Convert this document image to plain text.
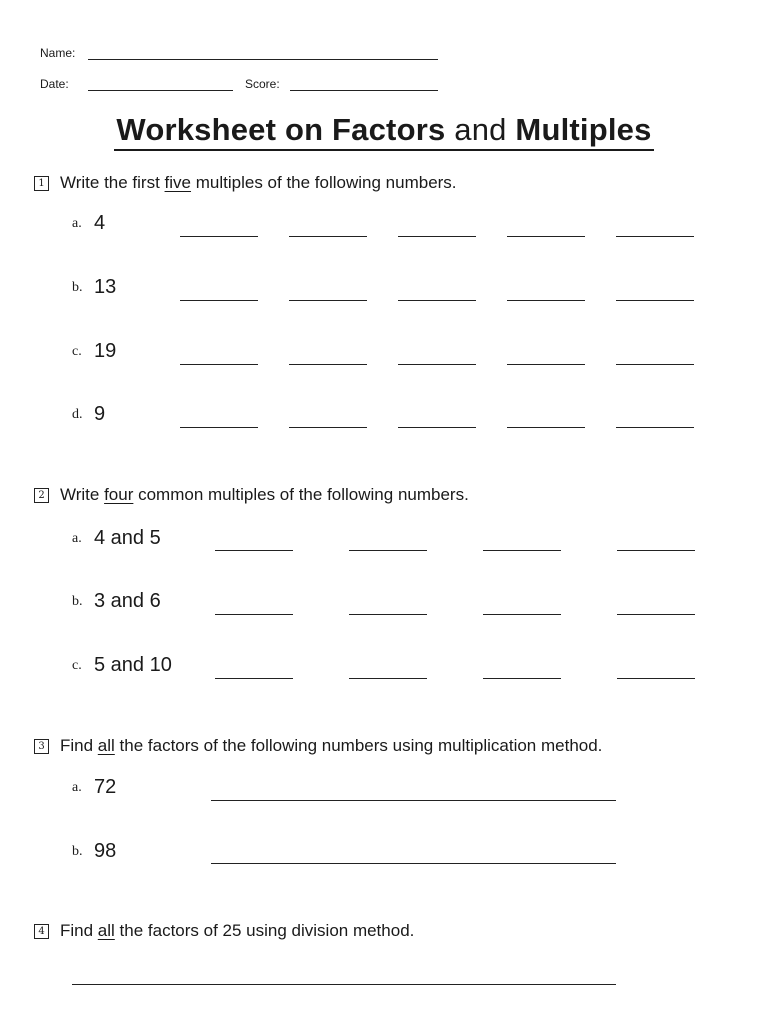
Name:
Date:	Score:
Worksheet on Factors and Multiples
1 Write the first five multiples of the following numbers.
a. 4
b. 13
c. 19
d. 9
2 Write four common multiples of the following numbers.
a. 4 and 5
b. 3 and 6
c. 5 and 10
3 Find all the factors of the following numbers using multiplication method.
a. 72
b. 98
4 Find all the factors of 25 using division method.
